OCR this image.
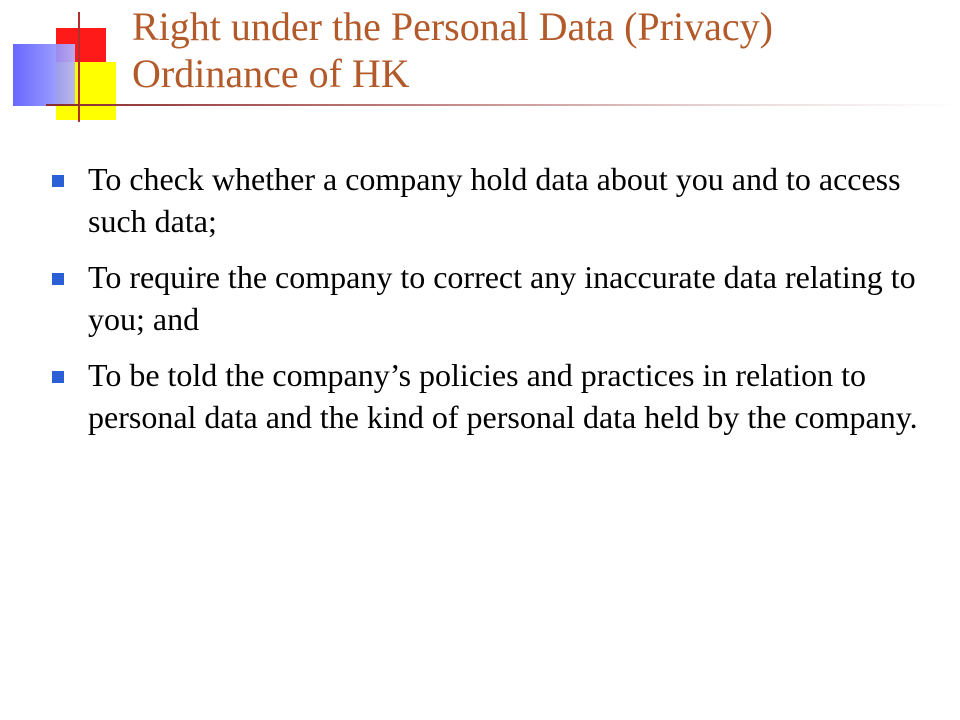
Right under the Personal Data (Privacy) Ordinance of HK
To check whether a company hold data about you and to access such data;
To require the company to correct any inaccurate data relating to you; and
To be told the company’s policies and practices in relation to personal data and the kind of personal data held by the company.
